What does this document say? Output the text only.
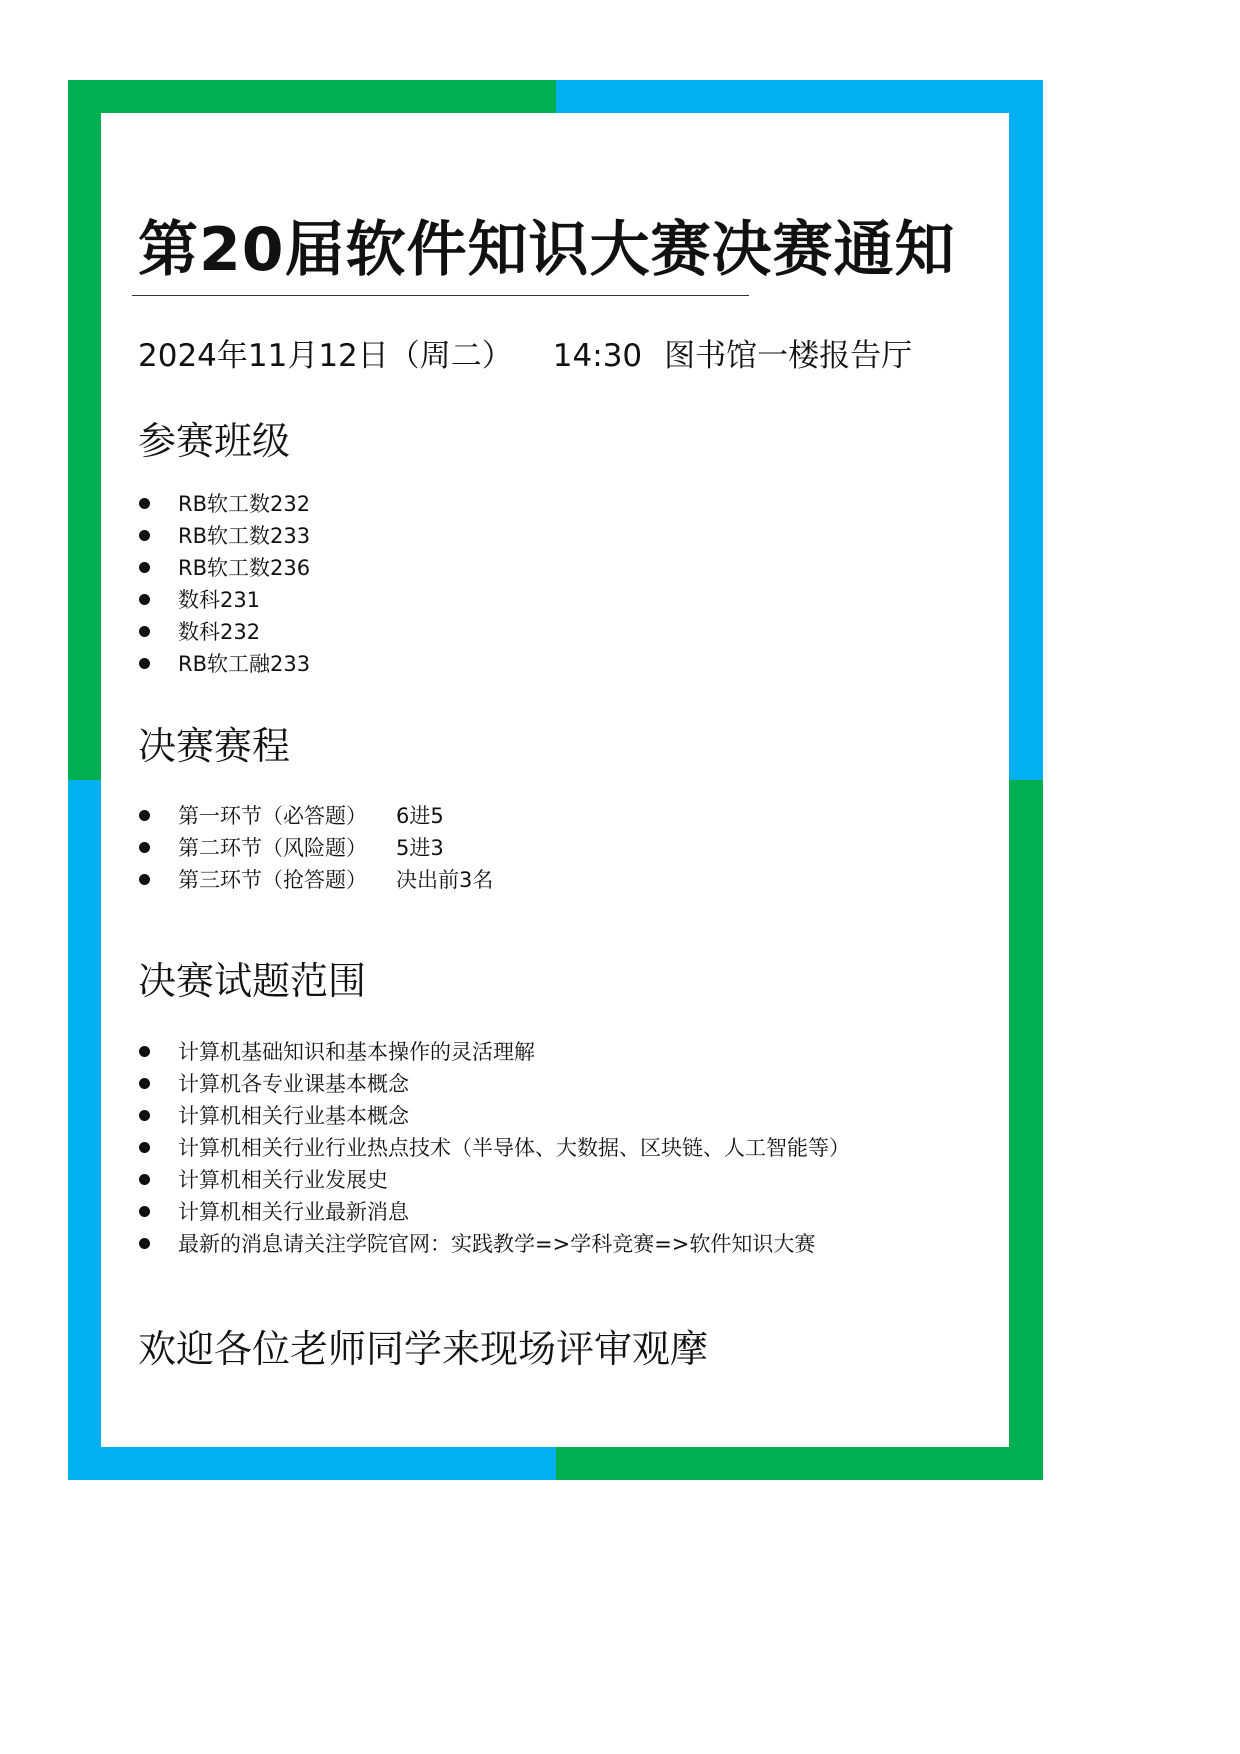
第20届软件知识大赛决赛通知
2024年11月12日（周二） 14:30 图书馆一楼报告厅
参赛班级
RB软工数232
RB软工数233
RB软工数236
数科231
数科232
RB软工融233
决赛赛程
第一环节（必答题） 6进5
第二环节（风险题） 5进3
第三环节（抢答题） 决出前3名
决赛试题范围
计算机基础知识和基本操作的灵活理解
计算机各专业课基本概念
计算机相关行业基本概念
计算机相关行业行业热点技术（半导体、大数据、区块链、人工智能等）
计算机相关行业发展史
计算机相关行业最新消息
最新的消息请关注学院官网：实践教学=>学科竞赛=>软件知识大赛
欢迎各位老师同学来现场评审观摩
